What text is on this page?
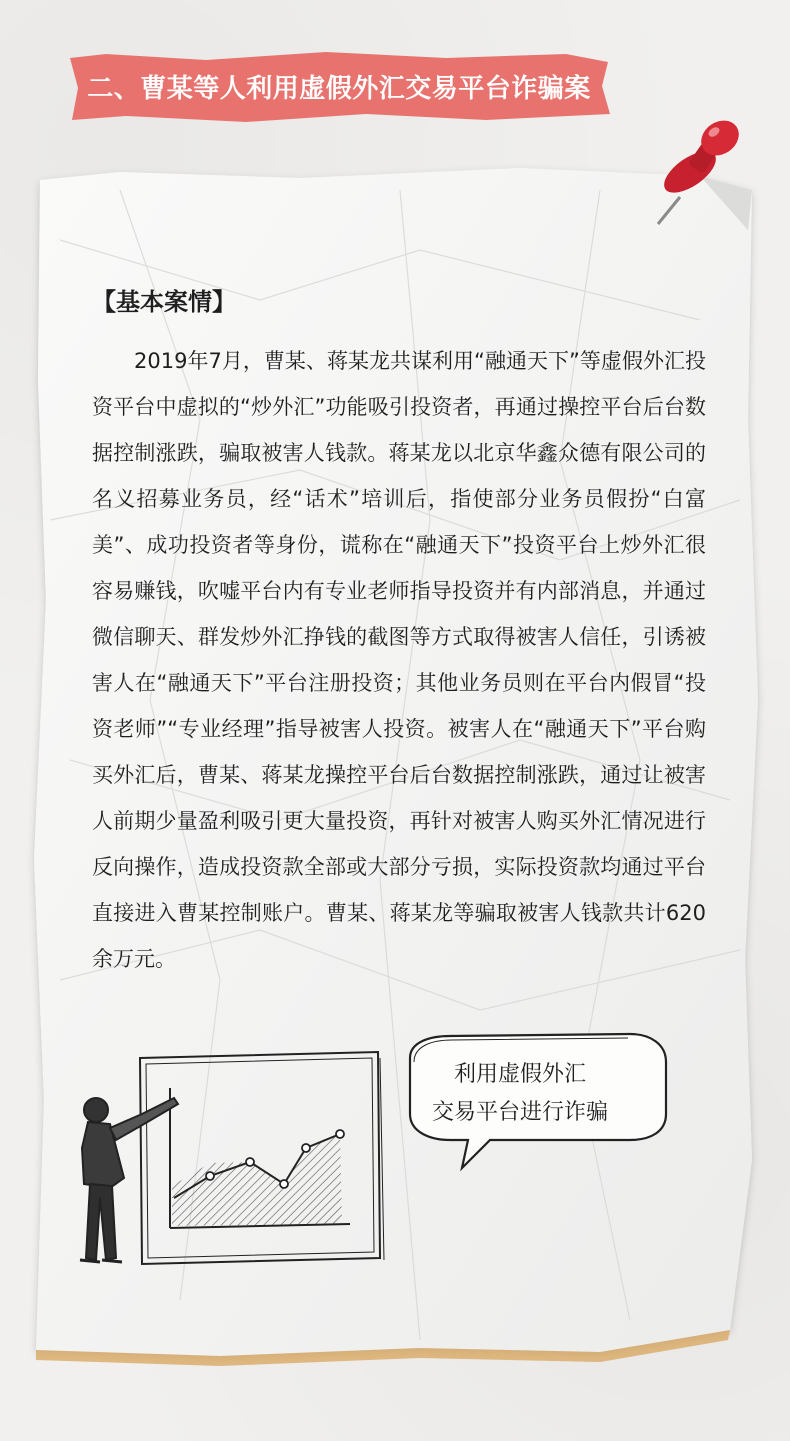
二、曹某等人利用虚假外汇交易平台诈骗案
【基本案情】
2019年7月，曹某、蒋某龙共谋利用“融通天下”等虚假外汇投资平台中虚拟的“炒外汇”功能吸引投资者，再通过操控平台后台数据控制涨跌，骗取被害人钱款。蒋某龙以北京华鑫众德有限公司的名义招募业务员，经“话术”培训后，指使部分业务员假扮“白富美”、成功投资者等身份，谎称在“融通天下”投资平台上炒外汇很容易赚钱，吹嘘平台内有专业老师指导投资并有内部消息，并通过微信聊天、群发炒外汇挣钱的截图等方式取得被害人信任，引诱被害人在“融通天下”平台注册投资；其他业务员则在平台内假冒“投资老师”“专业经理”指导被害人投资。被害人在“融通天下”平台购买外汇后，曹某、蒋某龙操控平台后台数据控制涨跌，通过让被害人前期少量盈利吸引更大量投资，再针对被害人购买外汇情况进行反向操作，造成投资款全部或大部分亏损，实际投资款均通过平台直接进入曹某控制账户。曹某、蒋某龙等骗取被害人钱款共计620余万元。
利用虚假外汇
交易平台进行诈骗
